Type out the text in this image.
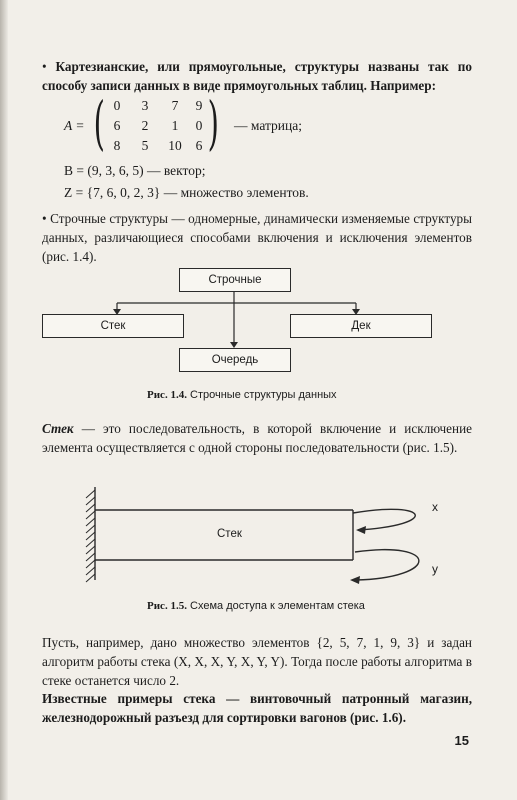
• Картезианские, или прямоугольные, структуры названы так по способу записи данных в виде прямоугольных таблиц. Например:
A = ( 0	3	7	9
6	2	1	0
8	5	10	6 ) — матрица;
B = (9, 3, 6, 5) — вектор;
Z = {7, 6, 0, 2, 3} — множество элементов.
• Строчные структуры — одномерные, динамически изменяемые структуры данных, различающиеся способами включения и исключения элементов (рис. 1.4).
Строчные
Стек	Дек
Очередь
Рис. 1.4. Строчные структуры данных
Стек — это последовательность, в которой включение и исключение элемента осуществляется с одной стороны последовательности (рис. 1.5).
Стек
x
y
Рис. 1.5. Схема доступа к элементам стека
Пусть, например, дано множество элементов {2, 5, 7, 1, 9, 3} и задан алгоритм работы стека (X, X, X, Y, X, Y, Y). Тогда после работы алгоритма в стеке останется число 2.
Известные примеры стека — винтовочный патронный магазин, железнодорожный разъезд для сортировки вагонов (рис. 1.6).
15
